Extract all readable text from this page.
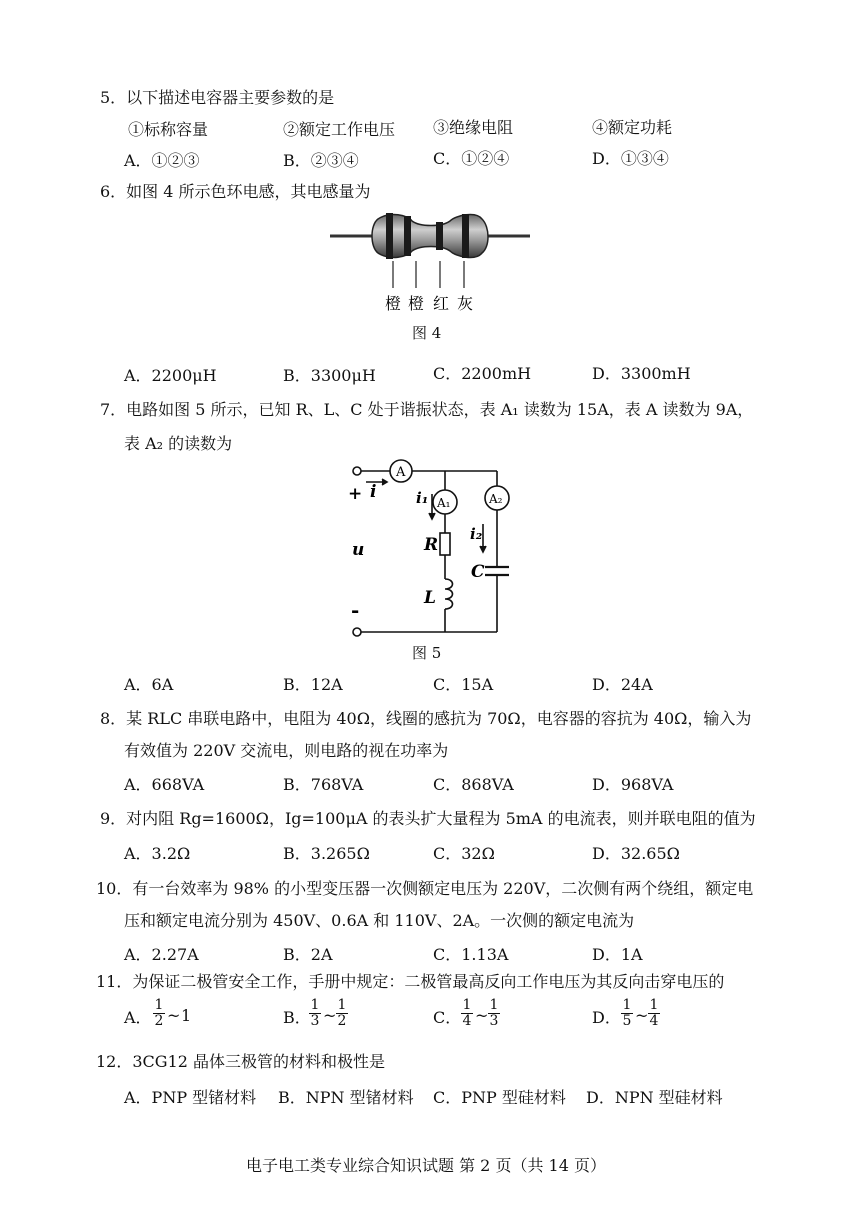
5．以下描述电容器主要参数的是
①标称容量	②额定工作电压 ③绝缘电阻	④额定功耗
A．①②③	B．②③④	C．①②④	D．①③④
6．如图 4 所示色环电感，其电感量为
橙 橙 红 灰
图 4
A．2200μH	B．3300μH	C．2200mH	D．3300mH
7．电路如图 5 所示，已知 R、L、C 处于谐振状态，表 A₁ 读数为 15A，表 A 读数为 9A，
表 A₂ 的读数为
A
A₁	A₂
+ i	i₁
i₂
u
-
R
L
C
图 5
A．6A	B．12A	C．15A	D．24A
8．某 RLC 串联电路中，电阻为 40Ω，线圈的感抗为 70Ω，电容器的容抗为 40Ω，输入为
有效值为 220V 交流电，则电路的视在功率为
A．668VA	B．768VA	C．868VA	D．968VA
9．对内阻 Rg=1600Ω，Ig=100μA 的表头扩大量程为 5mA 的电流表，则并联电阻的值为
A．3.2Ω	B．3.265Ω	C．32Ω	D．32.65Ω
10．有一台效率为 98% 的小型变压器一次侧额定电压为 220V，二次侧有两个绕组，额定电
压和额定电流分别为 450V、0.6A 和 110V、2A。一次侧的额定电流为
A．2.27A	B．2A	C．1.13A	D．1A
11．为保证二极管安全工作，手册中规定：二极管最高反向工作电压为其反向击穿电压的
A．
1
2 ~ 1	B．
1
3 ~
1
2	C．
1
4 ~
1
3	D．
1
5 ~
1
4
12．3CG12 晶体三极管的材料和极性是
A．PNP 型锗材料 B．NPN 型锗材料 C．PNP 型硅材料 D．NPN 型硅材料
电子电工类专业综合知识试题 第 2 页（共 14 页）
